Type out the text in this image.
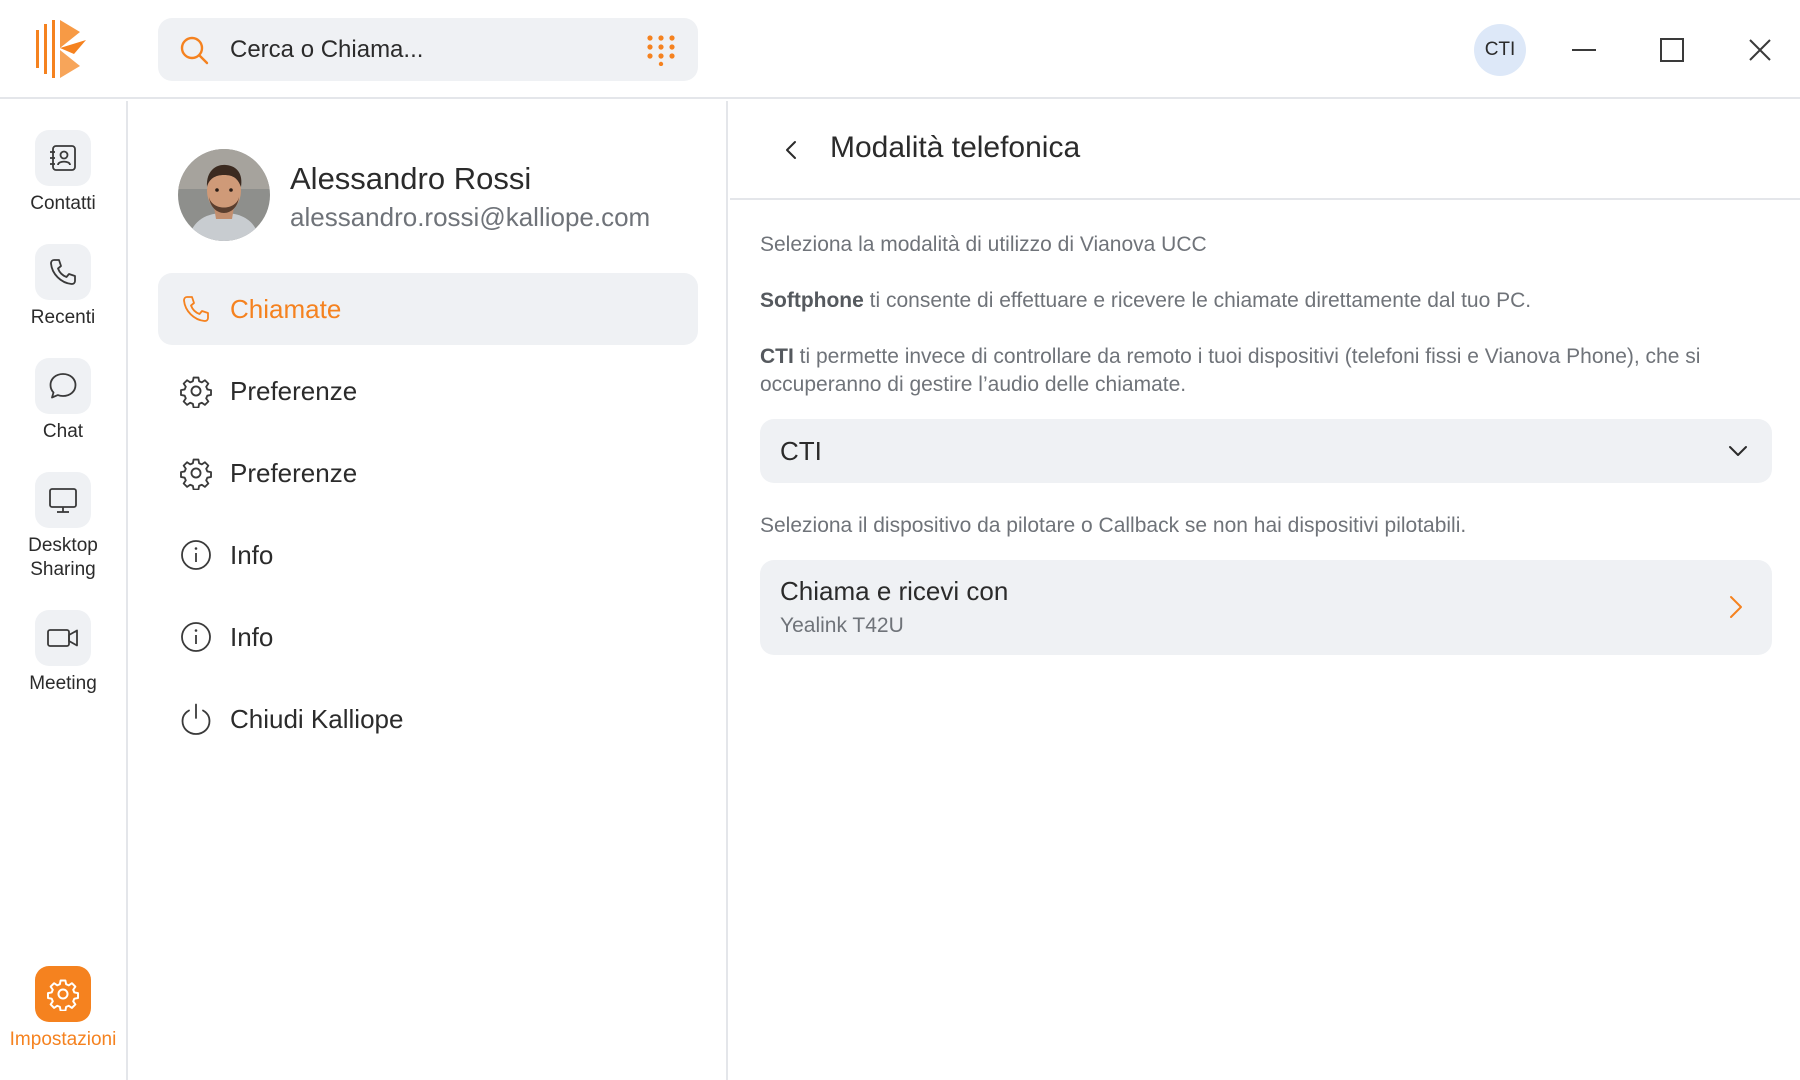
Cerca o Chiama...	CTI
Contatti
Recenti
Chat
Desktop Sharing
Meeting
Impostazioni
Alessandro Rossi
alessandro.rossi@kalliope.com
Chiamate
Preferenze
Preferenze
Info
Info
Chiudi Kalliope
Modalità telefonica
Seleziona la modalità di utilizzo di Vianova UCC
Softphone ti consente di effettuare e ricevere le chiamate direttamente dal tuo PC.
CTI ti permette invece di controllare da remoto i tuoi dispositivi (telefoni fissi e Vianova Phone), che si occuperanno di gestire l’audio delle chiamate.
CTI
Seleziona il dispositivo da pilotare o Callback se non hai dispositivi pilotabili.
Chiama e ricevi con
Yealink T42U
